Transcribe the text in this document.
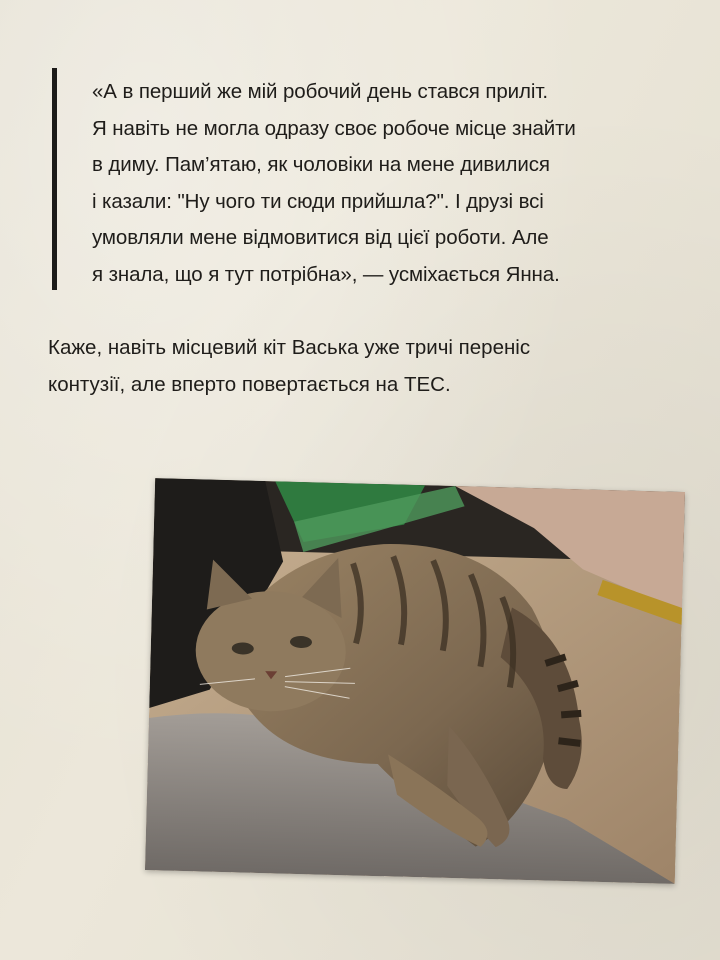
«А в перший же мій робочий день стався приліт.
Я навіть не могла одразу своє робоче місце знайти
в диму. Пам’ятаю, як чоловіки на мене дивилися
і казали: "Ну чого ти сюди прийшла?". І друзі всі
умовляли мене відмовитися від цієї роботи. Але
я знала, що я тут потрібна», — усміхається Янна.

Каже, навіть місцевий кіт Васька уже тричі переніс
контузії, але вперто повертається на ТЕС.
